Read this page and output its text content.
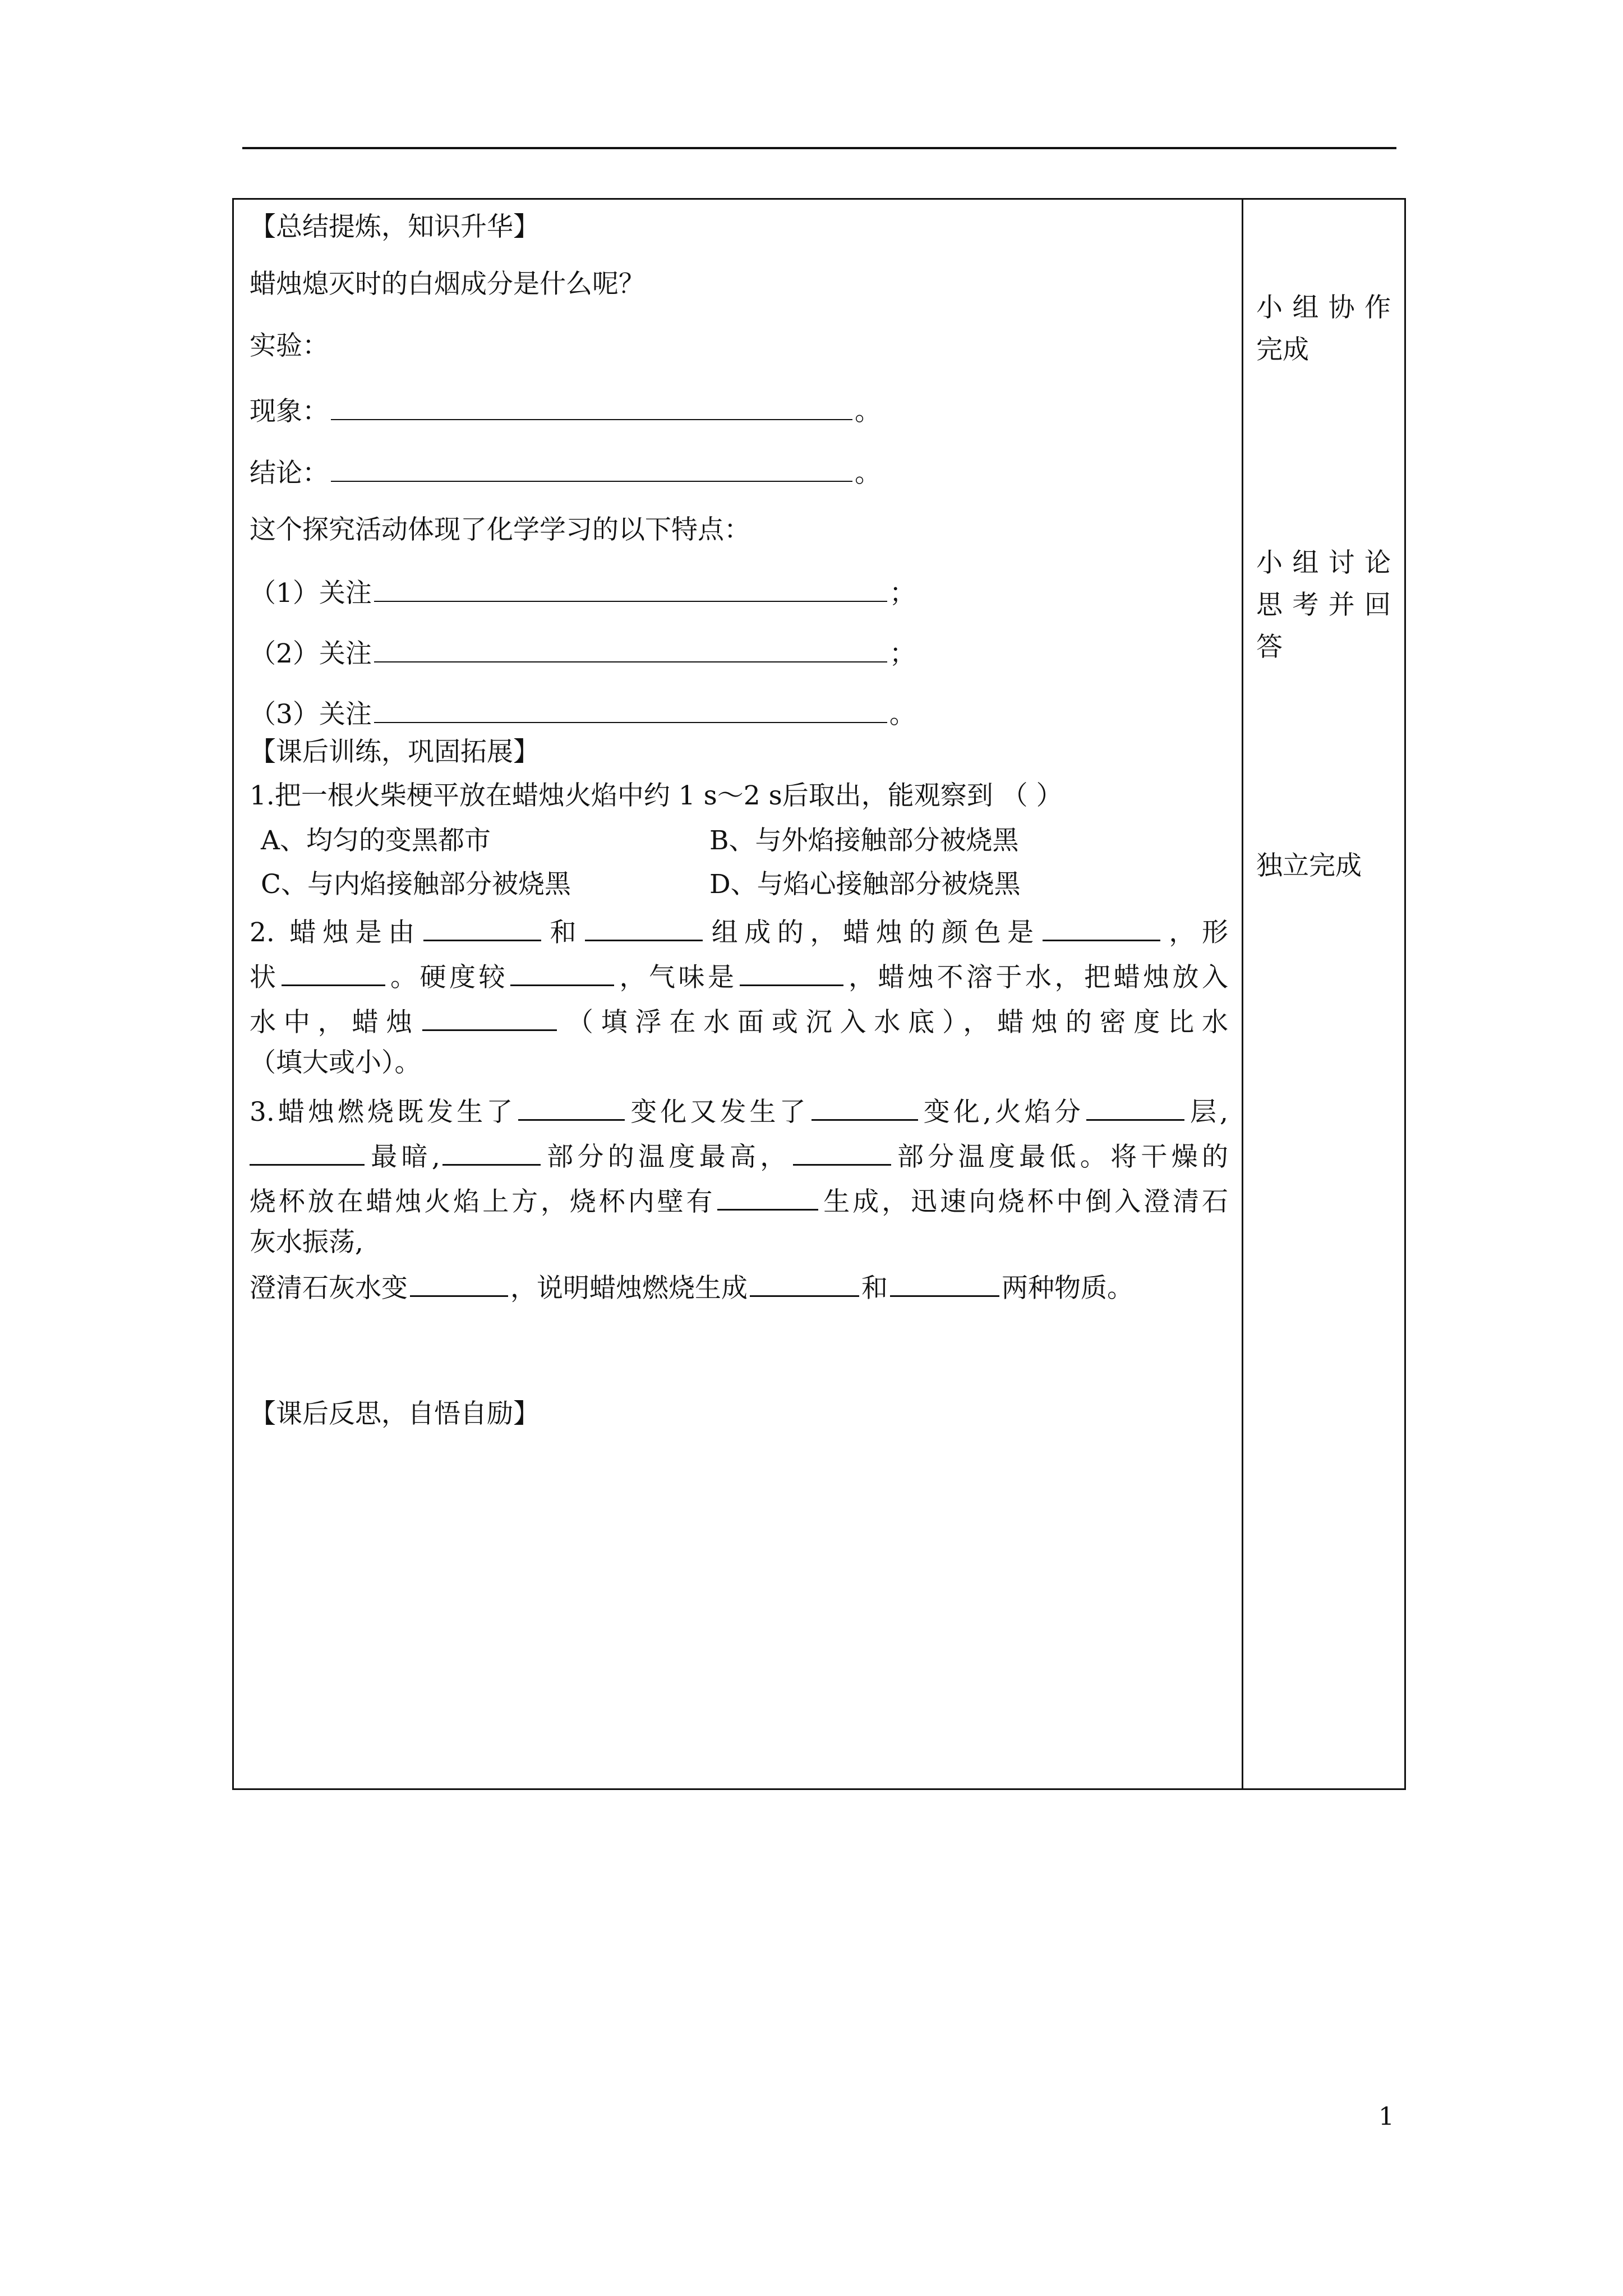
【总结提炼，知识升华】
蜡烛熄灭时的白烟成分是什么呢？
实验：
现象：	。
结论：	。
这个探究活动体现了化学学习的以下特点：
（1）关注	；
（2）关注	；
（3）关注	。
【课后训练，巩固拓展】
1.把一根火柴梗平放在蜡烛火焰中约 1 s～2 s后取出，能观察到 （ ）
A、均匀的变黑都市	B、与外焰接触部分被烧黑
C、与内焰接触部分被烧黑	D、与焰心接触部分被烧黑
2. 蜡烛是由	和	组成的，蜡烛的颜色是	，形
状	。硬度较	，气味是	，蜡烛不溶于水，把蜡烛放入
水中，蜡烛	（填浮在水面或沉入水底），蜡烛的密度比水
（填大或小）。
3.蜡烛燃烧既发生了	变化又发生了	变化,火焰分	层,
最暗,	部分的温度最高，	部分温度最低。将干燥的
烧杯放在蜡烛火焰上方，烧杯内壁有	生成，迅速向烧杯中倒入澄清石
灰水振荡,
澄清石灰水变	，说明蜡烛燃烧生成	和	两种物质。
【课后反思，自悟自励】
小组协作
完成
小组讨论
思考并回
答
独立完成
1
